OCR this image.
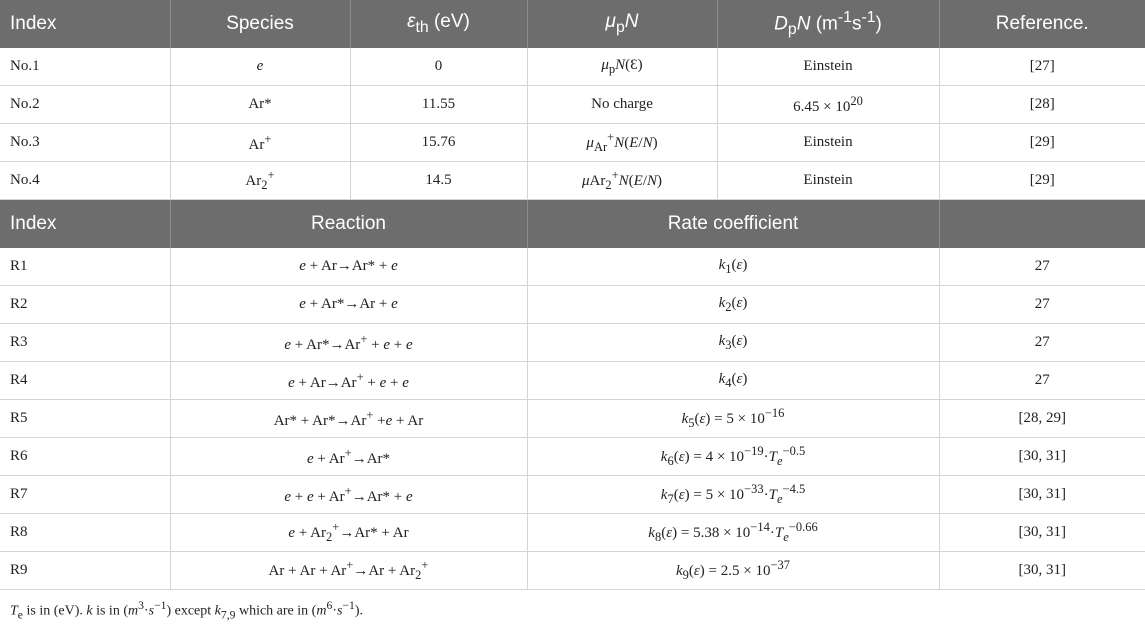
Index	Species	$\varepsilon_{th}$ (eV)	$\mu_pN$	$D_pN$ $(m^{-1}s^{-1})$	Reference.
No.1	e	0	$\mu_pN(Ɛ)$	Einstein	[27]
No.2	Ar*	11.55	No charge	$6.45 \times 10^{20}$	[28]
No.3	Ar+	15.76	$\mu_{Ar}^+N(E/N)$	Einstein	[29]
No.4	$Ar_2^+$	14.5	μAr$_2$+N(E/N)	Einstein	[29]
Index	Reaction	Rate coefficient	
R1	e + Ar→Ar* + e	$k_1(\varepsilon)$	27
R2	e + Ar*→Ar + e	$k_2(\varepsilon)$	27
R3	e + Ar*→Ar+ + e + e	$k_3(\varepsilon)$	27
R4	e + Ar→Ar+ + e + e	$k_4(\varepsilon)$	27
R5	Ar* + Ar*→Ar+ +e + Ar	$k_5(\varepsilon) = 5 \times 10^{-16}$	[28, 29]
R6	e + Ar+→Ar*	$k_6(\varepsilon) = 4 \times 10^{-19}\cdot T_e^{-0.5}$	[30, 31]
R7	e + e + Ar+→Ar* + e	$k_7(\varepsilon) = 5 \times 10^{-33}\cdot T_e^{-4.5}$	[30, 31]
R8	$e + Ar_2^+\to Ar* + Ar$	$k_8(\varepsilon) = 5.38 \times 10^{-14}\cdot T_e^{-0.66}$	[30, 31]
R9	$Ar + Ar + Ar^+\to Ar + Ar_2^+$	$k_9(\varepsilon) = 2.5 \times 10^{-37}$	[30, 31]
$T_e$ is in (eV). k is in $(m^3\cdot s^{-1})$ except $k_{7,9}$ which are in $(m^6\cdot s^{-1})$.
